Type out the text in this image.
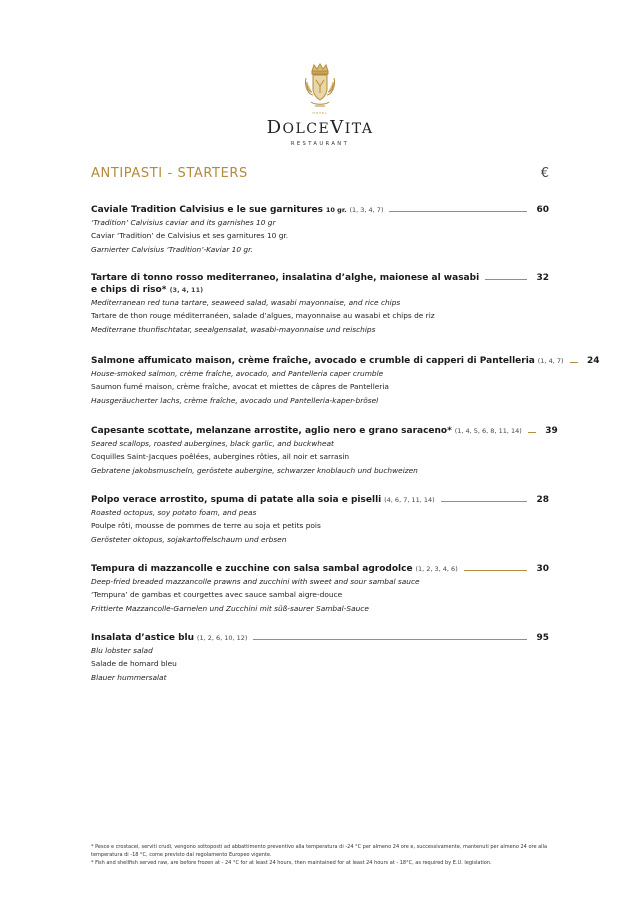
HOTEL
DOLCEVITA
RESTAURANT
ANTIPASTI - STARTERS	€
Caviale Tradition Calvisius e le sue garnitures 10 gr. (1, 3, 4, 7)	60
‘Tradition’ Calvisius caviar and its garnishes 10 gr
Caviar ‘Tradition’ de Calvisius et ses garnitures 10 gr.
Garnierter Calvisius ‘Tradition’-Kaviar 10 gr.
Tartare di tonno rosso mediterraneo, insalatina d’alghe, maionese al wasabi	32
e chips di riso* (3, 4, 11)
Mediterranean red tuna tartare, seaweed salad, wasabi mayonnaise, and rice chips
Tartare de thon rouge méditerranéen, salade d’algues, mayonnaise au wasabi et chips de riz
Mediterrane thunfischtatar, seealgensalat, wasabi-mayonnaise und reischips
Salmone affumicato maison, crème fraîche, avocado e crumble di capperi di Pantelleria (1, 4, 7)	24
House-smoked salmon, crème fraîche, avocado, and Pantelleria caper crumble
Saumon fumé maison, crème fraîche, avocat et miettes de câpres de Pantelleria
Hausgeräucherter lachs, crème fraîche, avocado und Pantelleria-kaper-brösel
Capesante scottate, melanzane arrostite, aglio nero e grano saraceno* (1, 4, 5, 6, 8, 11, 14)	39
Seared scallops, roasted aubergines, black garlic, and buckwheat
Coquilles Saint-Jacques poêlées, aubergines rôties, ail noir et sarrasin
Gebratene jakobsmuscheln, geröstete aubergine, schwarzer knoblauch und buchweizen
Polpo verace arrostito, spuma di patate alla soia e piselli (4, 6, 7, 11, 14)	28
Roasted octopus, soy potato foam, and peas
Poulpe rôti, mousse de pommes de terre au soja et petits pois
Gerösteter oktopus, sojakartoffelschaum und erbsen
Tempura di mazzancolle e zucchine con salsa sambal agrodolce (1, 2, 3, 4, 6)	30
Deep-fried breaded mazzancolle prawns and zucchini with sweet and sour sambal sauce
‘Tempura’ de gambas et courgettes avec sauce sambal aigre-douce
Frittierte Mazzancolle-Garnelen und Zucchini mit süß-saurer Sambal-Sauce
Insalata d’astice blu (1, 2, 6, 10, 12)	95
Blu lobster salad
Salade de homard bleu
Blauer hummersalat
* Pesce e crostacei, serviti crudi, vengono sottoposti ad abbattimento preventivo alla temperatura di -24 °C per almeno 24 ore e, successivamente, mantenuti per almeno 24 ore alla temperatura di -18 °C, come previsto dal regolamento Europeo vigente.
* Fish and shellfish served raw, are before frozen at - 24 °C for at least 24 hours, then maintained for at least 24 hours at - 18°C, as required by E.U. legislation.
